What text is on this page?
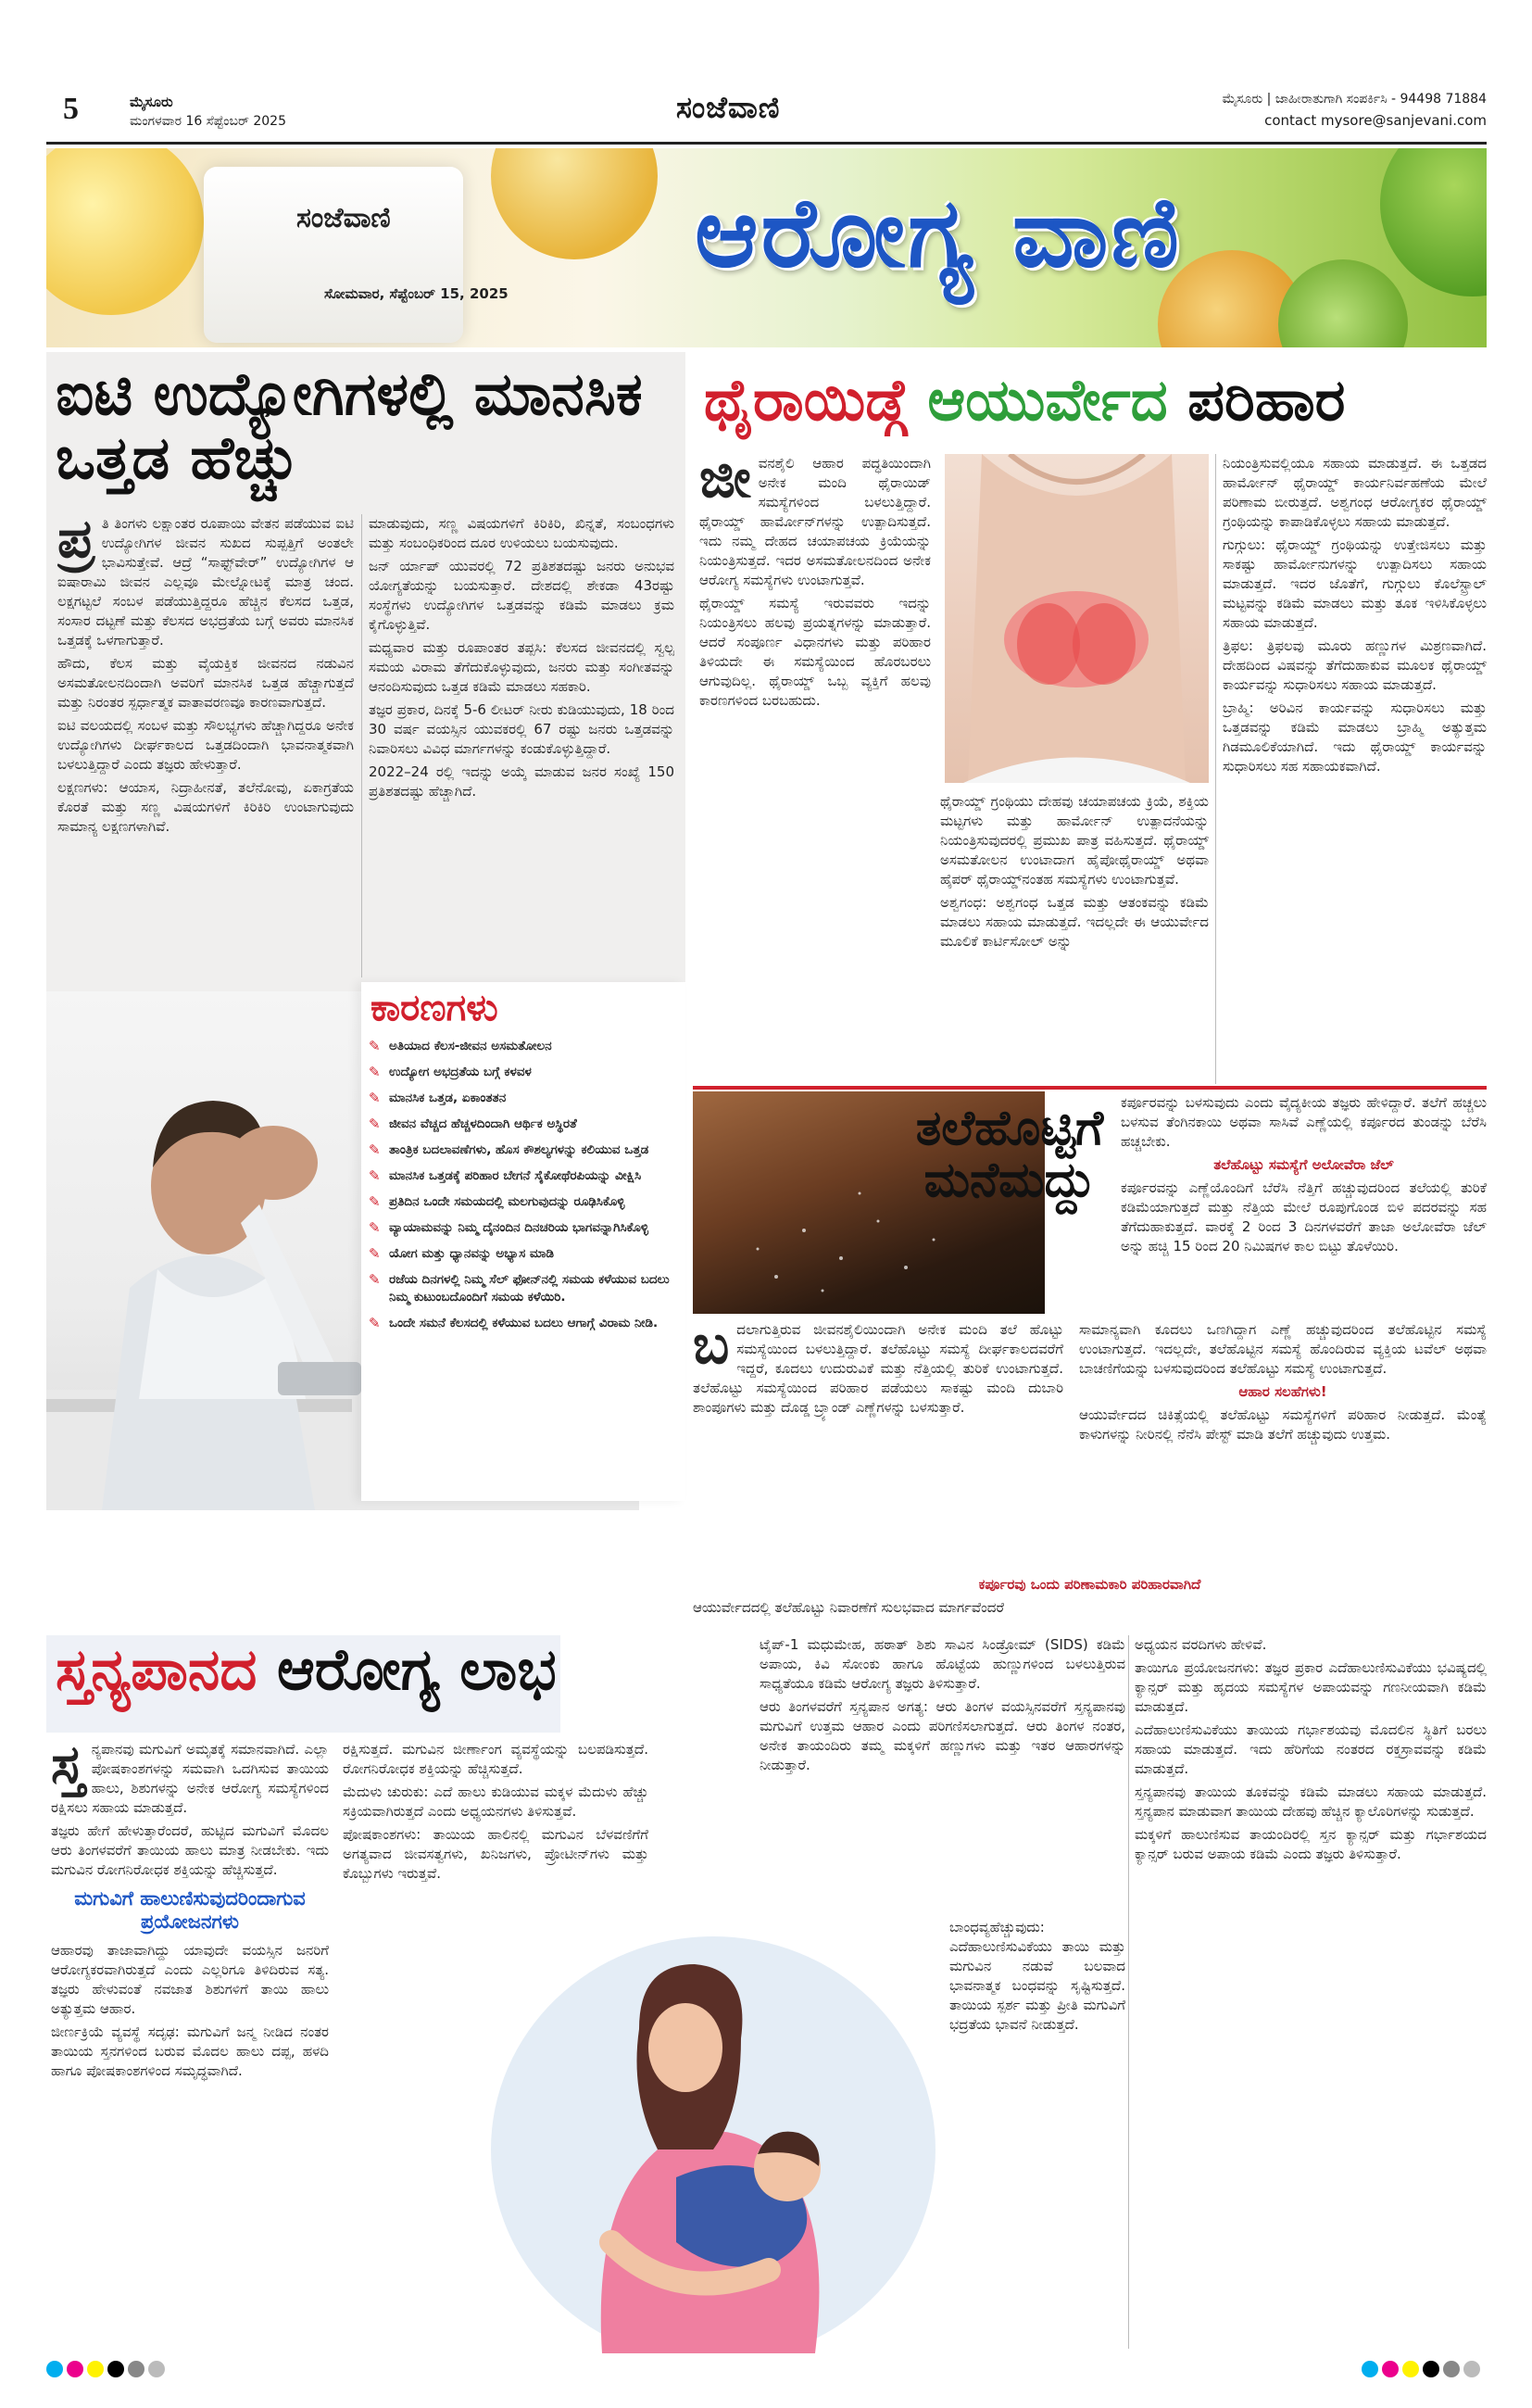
5	ಮೈಸೂರು
ಮಂಗಳವಾರ 16 ಸೆಪ್ಟೆಂಬರ್ 2025	ಸಂಜೆವಾಣಿ	ಮೈಸೂರು | ಜಾಹೀರಾತುಗಾಗಿ ಸಂಪರ್ಕಿಸಿ - 94498 71884
contact mysore@sanjevani.com
ಸಂಜೆವಾಣಿ
ಸೋಮವಾರ, ಸೆಪ್ಟೆಂಬರ್ 15, 2025
ಆರೋಗ್ಯ ವಾಣಿ
ಐಟಿ ಉದ್ಯೋಗಿಗಳಲ್ಲಿ ಮಾನಸಿಕ ಒತ್ತಡ ಹೆಚ್ಚು
ಪ್ರ ತಿ ತಿಂಗಳು ಲಕ್ಷಾಂತರ ರೂಪಾಯಿ ವೇತನ ಪಡೆಯುವ ಐಟಿ ಉದ್ಯೋಗಿಗಳ ಜೀವನ ಸುಖದ ಸುಪ್ಪತ್ತಿಗೆ ಅಂತಲೇ ಭಾವಿಸುತ್ತೇವೆ. ಆದ್ರೆ “ಸಾಫ್ಟ್‌ವೇರ್” ಉದ್ಯೋಗಿಗಳ ಆ ಐಷಾರಾಮಿ ಜೀವನ ಎಲ್ಲವೂ ಮೇಲ್ನೋಟಕ್ಕೆ ಮಾತ್ರ ಚಂದ. ಲಕ್ಷಗಟ್ಟಲೆ ಸಂಬಳ ಪಡೆಯುತ್ತಿದ್ದರೂ ಹೆಚ್ಚಿನ ಕೆಲಸದ ಒತ್ತಡ, ಸಂಸಾರ ದಟ್ಟಣೆ ಮತ್ತು ಕೆಲಸದ ಅಭದ್ರತೆಯ ಬಗ್ಗೆ ಅವರು ಮಾನಸಿಕ ಒತ್ತಡಕ್ಕೆ ಒಳಗಾಗುತ್ತಾರೆ.

ಹೌದು, ಕೆಲಸ ಮತ್ತು ವೈಯಕ್ತಿಕ ಜೀವನದ ನಡುವಿನ ಅಸಮತೋಲನದಿಂದಾಗಿ ಅವರಿಗೆ ಮಾನಸಿಕ ಒತ್ತಡ ಹೆಚ್ಚಾಗುತ್ತದೆ ಮತ್ತು ನಿರಂತರ ಸ್ಪರ್ಧಾತ್ಮಕ ವಾತಾವರಣವೂ ಕಾರಣವಾಗುತ್ತದೆ.

ಐಟಿ ವಲಯದಲ್ಲಿ ಸಂಬಳ ಮತ್ತು ಸೌಲಭ್ಯಗಳು ಹೆಚ್ಚಾಗಿದ್ದರೂ ಅನೇಕ ಉದ್ಯೋಗಿಗಳು ದೀರ್ಘಕಾಲದ ಒತ್ತಡದಿಂದಾಗಿ ಭಾವನಾತ್ಮಕವಾಗಿ ಬಳಲುತ್ತಿದ್ದಾರೆ ಎಂದು ತಜ್ಞರು ಹೇಳುತ್ತಾರೆ.

ಲಕ್ಷಣಗಳು: ಆಯಾಸ, ನಿದ್ರಾಹೀನತೆ, ತಲೆನೋವು, ಏಕಾಗ್ರತೆಯ ಕೊರತೆ ಮತ್ತು ಸಣ್ಣ ವಿಷಯಗಳಿಗೆ ಕಿರಿಕಿರಿ ಉಂಟಾಗುವುದು ಸಾಮಾನ್ಯ ಲಕ್ಷಣಗಳಾಗಿವೆ.

ಮಾಡುವುದು, ಸಣ್ಣ ವಿಷಯಗಳಿಗೆ ಕಿರಿಕಿರಿ, ಖಿನ್ನತೆ, ಸಂಬಂಧಗಳು ಮತ್ತು ಸಂಬಂಧಿಕರಿಂದ ದೂರ ಉಳಿಯಲು ಬಯಸುವುದು.

ಜನ್ ರ್ಯಾಪ್ ಯುವರಲ್ಲಿ 72 ಪ್ರತಿಶತದಷ್ಟು ಜನರು ಅನುಭವ ಯೋಗ್ಯತೆಯನ್ನು ಬಯಸುತ್ತಾರೆ. ದೇಶದಲ್ಲಿ ಶೇಕಡಾ 43ರಷ್ಟು ಸಂಸ್ಥೆಗಳು ಉದ್ಯೋಗಿಗಳ ಒತ್ತಡವನ್ನು ಕಡಿಮೆ ಮಾಡಲು ಕ್ರಮ ಕೈಗೊಳ್ಳುತ್ತಿವೆ.

ಮಧ್ಯವಾರ ಮತ್ತು ರೂಪಾಂತರ ತಪ್ಪಸಿ: ಕೆಲಸದ ಜೀವನದಲ್ಲಿ ಸ್ವಲ್ಪ ಸಮಯ ವಿರಾಮ ತೆಗೆದುಕೊಳ್ಳುವುದು, ಜನರು ಮತ್ತು ಸಂಗೀತವನ್ನು ಆನಂದಿಸುವುದು ಒತ್ತಡ ಕಡಿಮೆ ಮಾಡಲು ಸಹಕಾರಿ.

ತಜ್ಞರ ಪ್ರಕಾರ, ದಿನಕ್ಕೆ 5-6 ಲೀಟರ್ ನೀರು ಕುಡಿಯುವುದು, 18 ರಿಂದ 30 ವರ್ಷ ವಯಸ್ಸಿನ ಯುವಕರಲ್ಲಿ 67 ರಷ್ಟು ಜನರು ಒತ್ತಡವನ್ನು ನಿವಾರಿಸಲು ವಿವಿಧ ಮಾರ್ಗಗಳನ್ನು ಕಂಡುಕೊಳ್ಳುತ್ತಿದ್ದಾರೆ.

2022–24 ರಲ್ಲಿ ಇದನ್ನು ಅಯ್ಕೆ ಮಾಡುವ ಜನರ ಸಂಖ್ಯೆ 150 ಪ್ರತಿಶತದಷ್ಟು ಹೆಚ್ಚಾಗಿದೆ.

ಕಾರಣಗಳು
✎ ಅತಿಯಾದ ಕೆಲಸ-ಜೀವನ ಅಸಮತೋಲನ
✎ ಉದ್ಯೋಗ ಅಭದ್ರತೆಯ ಬಗ್ಗೆ ಕಳವಳ
✎ ಮಾನಸಿಕ ಒತ್ತಡ, ಏಕಾಂತತನ
✎ ಜೀವನ ವೆಚ್ಚದ ಹೆಚ್ಚಳದಿಂದಾಗಿ ಆರ್ಥಿಕ ಅಸ್ಥಿರತೆ
✎ ತಾಂತ್ರಿಕ ಬದಲಾವಣೆಗಳು, ಹೊಸ ಕೌಶಲ್ಯಗಳನ್ನು ಕಲಿಯುವ ಒತ್ತಡ
✎ ಮಾನಸಿಕ ಒತ್ತಡಕ್ಕೆ ಪರಿಹಾರ ಬೇಗನೆ ಸೈಕೋಥೆರಪಿಯನ್ನು ವೀಕ್ಷಿಸಿ
✎ ಪ್ರತಿದಿನ ಒಂದೇ ಸಮಯದಲ್ಲಿ ಮಲಗುವುದನ್ನು ರೂಢಿಸಿಕೊಳ್ಳಿ
✎ ವ್ಯಾಯಾಮವನ್ನು ನಿಮ್ಮ ದೈನಂದಿನ ದಿನಚರಿಯ ಭಾಗವನ್ನಾಗಿಸಿಕೊಳ್ಳಿ
✎ ಯೋಗ ಮತ್ತು ಧ್ಯಾನವನ್ನು ಅಭ್ಯಾಸ ಮಾಡಿ
✎ ರಜೆಯ ದಿನಗಳಲ್ಲಿ ನಿಮ್ಮ ಸೆಲ್ ಫೋನ್‌ನಲ್ಲಿ ಸಮಯ ಕಳೆಯುವ ಬದಲು ನಿಮ್ಮ ಕುಟುಂಬದೊಂದಿಗೆ ಸಮಯ ಕಳೆಯಿರಿ.
✎ ಒಂದೇ ಸಮನೆ ಕೆಲಸದಲ್ಲಿ ಕಳೆಯುವ ಬದಲು ಆಗಾಗ್ಗೆ ವಿರಾಮ ನೀಡಿ.
ಥೈರಾಯಿಡ್ಗೆ ಆಯುರ್ವೇದ ಪರಿಹಾರ
ಜೀ ವನಶೈಲಿ ಆಹಾರ ಪದ್ಧತಿಯಿಂದಾಗಿ ಅನೇಕ ಮಂದಿ ಥೈರಾಯಿಡ್ ಸಮಸ್ಯೆಗಳಿಂದ ಬಳಲುತ್ತಿದ್ದಾರೆ. ಥೈರಾಯ್ಡ್ ಹಾರ್ಮೋನ್‌ಗಳನ್ನು ಉತ್ಪಾದಿಸುತ್ತದೆ. ಇದು ನಮ್ಮ ದೇಹದ ಚಯಾಪಚಯ ಕ್ರಿಯೆಯನ್ನು ನಿಯಂತ್ರಿಸುತ್ತದೆ. ಇದರ ಅಸಮತೋಲನದಿಂದ ಅನೇಕ ಆರೋಗ್ಯ ಸಮಸ್ಯೆಗಳು ಉಂಟಾಗುತ್ತವೆ.

ಥೈರಾಯ್ಡ್ ಸಮಸ್ಯೆ ಇರುವವರು ಇದನ್ನು ನಿಯಂತ್ರಿಸಲು ಹಲವು ಪ್ರಯತ್ನಗಳನ್ನು ಮಾಡುತ್ತಾರೆ. ಆದರೆ ಸಂಪೂರ್ಣ ವಿಧಾನಗಳು ಮತ್ತು ಪರಿಹಾರ ತಿಳಿಯದೇ ಈ ಸಮಸ್ಯೆಯಿಂದ ಹೊರಬರಲು ಆಗುವುದಿಲ್ಲ. ಥೈರಾಯ್ಡ್ ಒಬ್ಬ ವ್ಯಕ್ತಿಗೆ ಹಲವು ಕಾರಣಗಳಿಂದ ಬರಬಹುದು.

ಥೈರಾಯ್ಡ್ ಗ್ರಂಥಿಯು ದೇಹವು ಚಯಾಪಚಯ ಕ್ರಿಯೆ, ಶಕ್ತಿಯ ಮಟ್ಟಗಳು ಮತ್ತು ಹಾರ್ಮೋನ್ ಉತ್ಪಾದನೆಯನ್ನು ನಿಯಂತ್ರಿಸುವುದರಲ್ಲಿ ಪ್ರಮುಖ ಪಾತ್ರ ವಹಿಸುತ್ತದೆ. ಥೈರಾಯ್ಡ್ ಅಸಮತೋಲನ ಉಂಟಾದಾಗ ಹೈಪೋಥೈರಾಯ್ಡ್ ಅಥವಾ ಹೈಪರ್ ಥೈರಾಯ್ಡ್‌ನಂತಹ ಸಮಸ್ಯೆಗಳು ಉಂಟಾಗುತ್ತವೆ.

ಅಶ್ವಗಂಧ: ಅಶ್ವಗಂಧ ಒತ್ತಡ ಮತ್ತು ಆತಂಕವನ್ನು ಕಡಿಮೆ ಮಾಡಲು ಸಹಾಯ ಮಾಡುತ್ತದೆ. ಇದಲ್ಲದೇ ಈ ಆಯುರ್ವೇದ ಮೂಲಿಕೆ ಕಾರ್ಟಿಸೋಲ್ ಅನ್ನು

ನಿಯಂತ್ರಿಸುವಲ್ಲಿಯೂ ಸಹಾಯ ಮಾಡುತ್ತದೆ. ಈ ಒತ್ತಡದ ಹಾರ್ಮೋನ್ ಥೈರಾಯ್ಡ್ ಕಾರ್ಯನಿರ್ವಹಣೆಯ ಮೇಲೆ ಪರಿಣಾಮ ಬೀರುತ್ತದೆ. ಅಶ್ವಗಂಧ ಆರೋಗ್ಯಕರ ಥೈರಾಯ್ಡ್ ಗ್ರಂಥಿಯನ್ನು ಕಾಪಾಡಿಕೊಳ್ಳಲು ಸಹಾಯ ಮಾಡುತ್ತದೆ.

ಗುಗ್ಗುಲು: ಥೈರಾಯ್ಡ್ ಗ್ರಂಥಿಯನ್ನು ಉತ್ತೇಜಿಸಲು ಮತ್ತು ಸಾಕಷ್ಟು ಹಾರ್ಮೋನುಗಳನ್ನು ಉತ್ಪಾದಿಸಲು ಸಹಾಯ ಮಾಡುತ್ತದೆ. ಇದರ ಜೊತೆಗೆ, ಗುಗ್ಗುಲು ಕೊಲೆಸ್ಟ್ರಾಲ್ ಮಟ್ಟವನ್ನು ಕಡಿಮೆ ಮಾಡಲು ಮತ್ತು ತೂಕ ಇಳಿಸಿಕೊಳ್ಳಲು ಸಹಾಯ ಮಾಡುತ್ತದೆ.

ತ್ರಿಫಲ: ತ್ರಿಫಲವು ಮೂರು ಹಣ್ಣುಗಳ ಮಿಶ್ರಣವಾಗಿದೆ. ದೇಹದಿಂದ ವಿಷವನ್ನು ತೆಗೆದುಹಾಕುವ ಮೂಲಕ ಥೈರಾಯ್ಡ್ ಕಾರ್ಯವನ್ನು ಸುಧಾರಿಸಲು ಸಹಾಯ ಮಾಡುತ್ತದೆ.

ಬ್ರಾಹ್ಮಿ: ಅರಿವಿನ ಕಾರ್ಯವನ್ನು ಸುಧಾರಿಸಲು ಮತ್ತು ಒತ್ತಡವನ್ನು ಕಡಿಮೆ ಮಾಡಲು ಬ್ರಾಹ್ಮಿ ಅತ್ಯುತ್ತಮ ಗಿಡಮೂಲಿಕೆಯಾಗಿದೆ. ಇದು ಥೈರಾಯ್ಡ್ ಕಾರ್ಯವನ್ನು ಸುಧಾರಿಸಲು ಸಹ ಸಹಾಯಕವಾಗಿದೆ.

ತಲೆಹೊಟ್ಟಿಗೆ ಮನೆಮದ್ದು

ಕರ್ಪೂರವನ್ನು ಬಳಸುವುದು ಎಂದು ವೈದ್ಯಕೀಯ ತಜ್ಞರು ಹೇಳಿದ್ದಾರೆ. ತಲೆಗೆ ಹಚ್ಚಲು ಬಳಸುವ ತೆಂಗಿನಕಾಯಿ ಅಥವಾ ಸಾಸಿವೆ ಎಣ್ಣೆಯಲ್ಲಿ ಕರ್ಪೂರದ ತುಂಡನ್ನು ಬೆರೆಸಿ ಹಚ್ಚಬೇಕು.

ತಲೆಹೊಟ್ಟು ಸಮಸ್ಯೆಗೆ ಅಲೋವೆರಾ ಜೆಲ್

ಕರ್ಪೂರವನ್ನು ಎಣ್ಣೆಯೊಂದಿಗೆ ಬೆರೆಸಿ ನೆತ್ತಿಗೆ ಹಚ್ಚುವುದರಿಂದ ತಲೆಯಲ್ಲಿ ತುರಿಕೆ ಕಡಿಮೆಯಾಗುತ್ತದೆ ಮತ್ತು ನೆತ್ತಿಯ ಮೇಲೆ ರೂಪುಗೊಂಡ ಬಿಳಿ ಪದರವನ್ನು ಸಹ ತೆಗೆದುಹಾಕುತ್ತದೆ. ವಾರಕ್ಕೆ 2 ರಿಂದ 3 ದಿನಗಳವರೆಗೆ ತಾಜಾ ಅಲೋವೆರಾ ಜೆಲ್ ಅನ್ನು ಹಚ್ಚಿ 15 ರಿಂದ 20 ನಿಮಿಷಗಳ ಕಾಲ ಬಿಟ್ಟು ತೊಳೆಯಿರಿ.

ಬ ದಲಾಗುತ್ತಿರುವ ಜೀವನಶೈಲಿಯಿಂದಾಗಿ ಅನೇಕ ಮಂದಿ ತಲೆ ಹೊಟ್ಟು ಸಮಸ್ಯೆಯಿಂದ ಬಳಲುತ್ತಿದ್ದಾರೆ. ತಲೆಹೊಟ್ಟು ಸಮಸ್ಯೆ ದೀರ್ಘಕಾಲದವರೆಗೆ ಇದ್ದರೆ, ಕೂದಲು ಉದುರುವಿಕೆ ಮತ್ತು ನೆತ್ತಿಯಲ್ಲಿ ತುರಿಕೆ ಉಂಟಾಗುತ್ತದೆ. ತಲೆಹೊಟ್ಟು ಸಮಸ್ಯೆಯಿಂದ ಪರಿಹಾರ ಪಡೆಯಲು ಸಾಕಷ್ಟು ಮಂದಿ ದುಬಾರಿ ಶಾಂಪೂಗಳು ಮತ್ತು ದೊಡ್ಡ ಬ್ರ್ಯಾಂಡ್ ಎಣ್ಣೆಗಳನ್ನು ಬಳಸುತ್ತಾರೆ.

ಸಾಮಾನ್ಯವಾಗಿ ಕೂದಲು ಒಣಗಿದ್ದಾಗ ಎಣ್ಣೆ ಹಚ್ಚುವುದರಿಂದ ತಲೆಹೊಟ್ಟಿನ ಸಮಸ್ಯೆ ಉಂಟಾಗುತ್ತದೆ. ಇದಲ್ಲದೇ, ತಲೆಹೊಟ್ಟಿನ ಸಮಸ್ಯೆ ಹೊಂದಿರುವ ವ್ಯಕ್ತಿಯ ಟವೆಲ್ ಅಥವಾ ಬಾಚಣಿಗೆಯನ್ನು ಬಳಸುವುದರಿಂದ ತಲೆಹೊಟ್ಟು ಸಮಸ್ಯೆ ಉಂಟಾಗುತ್ತದೆ.

ಆಹಾರ ಸಲಹೆಗಳು!

ಆಯುರ್ವೇದದ ಚಿಕಿತ್ಸೆಯಲ್ಲಿ ತಲೆಹೊಟ್ಟು ಸಮಸ್ಯೆಗಳಿಗೆ ಪರಿಹಾರ ನೀಡುತ್ತದೆ. ಮೆಂತ್ಯೆ ಕಾಳುಗಳನ್ನು ನೀರಿನಲ್ಲಿ ನೆನೆಸಿ ಪೇಸ್ಟ್ ಮಾಡಿ ತಲೆಗೆ ಹಚ್ಚುವುದು ಉತ್ತಮ.

ಕರ್ಪೂರವು ಒಂದು ಪರಿಣಾಮಕಾರಿ ಪರಿಹಾರವಾಗಿದೆ

ಆಯುರ್ವೇದದಲ್ಲಿ ತಲೆಹೊಟ್ಟು ನಿವಾರಣೆಗೆ ಸುಲಭವಾದ ಮಾರ್ಗವೆಂದರೆ

ಸ್ತನ್ಯಪಾನದ ಆರೋಗ್ಯ ಲಾಭ
ಸ್ತ ನ್ಯಪಾನವು ಮಗುವಿಗೆ ಅಮೃತಕ್ಕೆ ಸಮಾನವಾಗಿದೆ. ಎಲ್ಲಾ ಪೋಷಕಾಂಶಗಳನ್ನು ಸಮವಾಗಿ ಒದಗಿಸುವ ತಾಯಿಯ ಹಾಲು, ಶಿಶುಗಳನ್ನು ಅನೇಕ ಆರೋಗ್ಯ ಸಮಸ್ಯೆಗಳಿಂದ ರಕ್ಷಿಸಲು ಸಹಾಯ ಮಾಡುತ್ತದೆ.

ತಜ್ಞರು ಹೇಗೆ ಹೇಳುತ್ತಾರೆಂದರೆ, ಹುಟ್ಟಿದ ಮಗುವಿಗೆ ಮೊದಲ ಆರು ತಿಂಗಳವರೆಗೆ ತಾಯಿಯ ಹಾಲು ಮಾತ್ರ ನೀಡಬೇಕು. ಇದು ಮಗುವಿನ ರೋಗನಿರೋಧಕ ಶಕ್ತಿಯನ್ನು ಹೆಚ್ಚಿಸುತ್ತದೆ.

ಮಗುವಿಗೆ ಹಾಲುಣಿಸುವುದರಿಂದಾಗುವ ಪ್ರಯೋಜನಗಳು

ಆಹಾರವು ತಾಜಾವಾಗಿದ್ದು ಯಾವುದೇ ವಯಸ್ಸಿನ ಜನರಿಗೆ ಆರೋಗ್ಯಕರವಾಗಿರುತ್ತದೆ ಎಂದು ಎಲ್ಲರಿಗೂ ತಿಳಿದಿರುವ ಸತ್ಯ. ತಜ್ಞರು ಹೇಳುವಂತೆ ನವಜಾತ ಶಿಶುಗಳಿಗೆ ತಾಯಿ ಹಾಲು ಅತ್ಯುತ್ತಮ ಆಹಾರ.

ಜೀರ್ಣಕ್ರಿಯೆ ವ್ಯವಸ್ಥೆ ಸದೃಢ: ಮಗುವಿಗೆ ಜನ್ಮ ನೀಡಿದ ನಂತರ ತಾಯಿಯ ಸ್ತನಗಳಿಂದ ಬರುವ ಮೊದಲ ಹಾಲು ದಪ್ಪ, ಹಳದಿ ಹಾಗೂ ಪೋಷಕಾಂಶಗಳಿಂದ ಸಮೃದ್ಧವಾಗಿದೆ.

ರಕ್ಷಿಸುತ್ತದೆ. ಮಗುವಿನ ಜೀರ್ಣಾಂಗ ವ್ಯವಸ್ಥೆಯನ್ನು ಬಲಪಡಿಸುತ್ತದೆ. ರೋಗನಿರೋಧಕ ಶಕ್ತಿಯನ್ನು ಹೆಚ್ಚಿಸುತ್ತದೆ.

ಮೆದುಳು ಚುರುಕು: ಎದೆ ಹಾಲು ಕುಡಿಯುವ ಮಕ್ಕಳ ಮೆದುಳು ಹೆಚ್ಚು ಸಕ್ರಿಯವಾಗಿರುತ್ತದೆ ಎಂದು ಅಧ್ಯಯನಗಳು ತಿಳಿಸುತ್ತವೆ.

ಪೋಷಕಾಂಶಗಳು: ತಾಯಿಯ ಹಾಲಿನಲ್ಲಿ ಮಗುವಿನ ಬೆಳವಣಿಗೆಗೆ ಅಗತ್ಯವಾದ ಜೀವಸತ್ವಗಳು, ಖನಿಜಗಳು, ಪ್ರೋಟೀನ್‌ಗಳು ಮತ್ತು ಕೊಬ್ಬುಗಳು ಇರುತ್ತವೆ.

ಟೈಪ್-1 ಮಧುಮೇಹ, ಹಠಾತ್ ಶಿಶು ಸಾವಿನ ಸಿಂಡ್ರೋಮ್ (SIDS) ಕಡಿಮೆ ಅಪಾಯ, ಕಿವಿ ಸೋಂಕು ಹಾಗೂ ಹೊಟ್ಟೆಯ ಹುಣ್ಣುಗಳಿಂದ ಬಳಲುತ್ತಿರುವ ಸಾಧ್ಯತೆಯೂ ಕಡಿಮೆ ಆರೋಗ್ಯ ತಜ್ಞರು ತಿಳಿಸುತ್ತಾರೆ.

ಆರು ತಿಂಗಳವರೆಗೆ ಸ್ತನ್ಯಪಾನ ಅಗತ್ಯ: ಆರು ತಿಂಗಳ ವಯಸ್ಸಿನವರೆಗೆ ಸ್ತನ್ಯಪಾನವು ಮಗುವಿಗೆ ಉತ್ತಮ ಆಹಾರ ಎಂದು ಪರಿಗಣಿಸಲಾಗುತ್ತದೆ. ಆರು ತಿಂಗಳ ನಂತರ, ಅನೇಕ ತಾಯಂದಿರು ತಮ್ಮ ಮಕ್ಕಳಿಗೆ ಹಣ್ಣುಗಳು ಮತ್ತು ಇತರ ಆಹಾರಗಳನ್ನು ನೀಡುತ್ತಾರೆ.

ಬಾಂಧವ್ಯಹೆಚ್ಚುವುದು: ಎದೆಹಾಲುಣಿಸುವಿಕೆಯು ತಾಯಿ ಮತ್ತು ಮಗುವಿನ ನಡುವೆ ಬಲವಾದ ಭಾವನಾತ್ಮಕ ಬಂಧವನ್ನು ಸೃಷ್ಟಿಸುತ್ತದೆ. ತಾಯಿಯ ಸ್ಪರ್ಶ ಮತ್ತು ಪ್ರೀತಿ ಮಗುವಿಗೆ ಭದ್ರತೆಯ ಭಾವನೆ ನೀಡುತ್ತದೆ.

ಅಧ್ಯಯನ ವರದಿಗಳು ಹೇಳಿವೆ.

ತಾಯಿಗೂ ಪ್ರಯೋಜನಗಳು: ತಜ್ಞರ ಪ್ರಕಾರ ಎದೆಹಾಲುಣಿಸುವಿಕೆಯು ಭವಿಷ್ಯದಲ್ಲಿ ಕ್ಯಾನ್ಸರ್ ಮತ್ತು ಹೃದಯ ಸಮಸ್ಯೆಗಳ ಅಪಾಯವನ್ನು ಗಣನೀಯವಾಗಿ ಕಡಿಮೆ ಮಾಡುತ್ತದೆ.

ಎದೆಹಾಲುಣಿಸುವಿಕೆಯು ತಾಯಿಯ ಗರ್ಭಾಶಯವು ಮೊದಲಿನ ಸ್ಥಿತಿಗೆ ಬರಲು ಸಹಾಯ ಮಾಡುತ್ತದೆ. ಇದು ಹೆರಿಗೆಯ ನಂತರದ ರಕ್ತಸ್ರಾವವನ್ನು ಕಡಿಮೆ ಮಾಡುತ್ತದೆ.

ಸ್ತನ್ಯಪಾನವು ತಾಯಿಯ ತೂಕವನ್ನು ಕಡಿಮೆ ಮಾಡಲು ಸಹಾಯ ಮಾಡುತ್ತದೆ. ಸ್ತನ್ಯಪಾನ ಮಾಡುವಾಗ ತಾಯಿಯ ದೇಹವು ಹೆಚ್ಚಿನ ಕ್ಯಾಲೊರಿಗಳನ್ನು ಸುಡುತ್ತದೆ.

ಮಕ್ಕಳಿಗೆ ಹಾಲುಣಿಸುವ ತಾಯಂದಿರಲ್ಲಿ ಸ್ತನ ಕ್ಯಾನ್ಸರ್ ಮತ್ತು ಗರ್ಭಾಶಯದ ಕ್ಯಾನ್ಸರ್ ಬರುವ ಅಪಾಯ ಕಡಿಮೆ ಎಂದು ತಜ್ಞರು ತಿಳಿಸುತ್ತಾರೆ.
